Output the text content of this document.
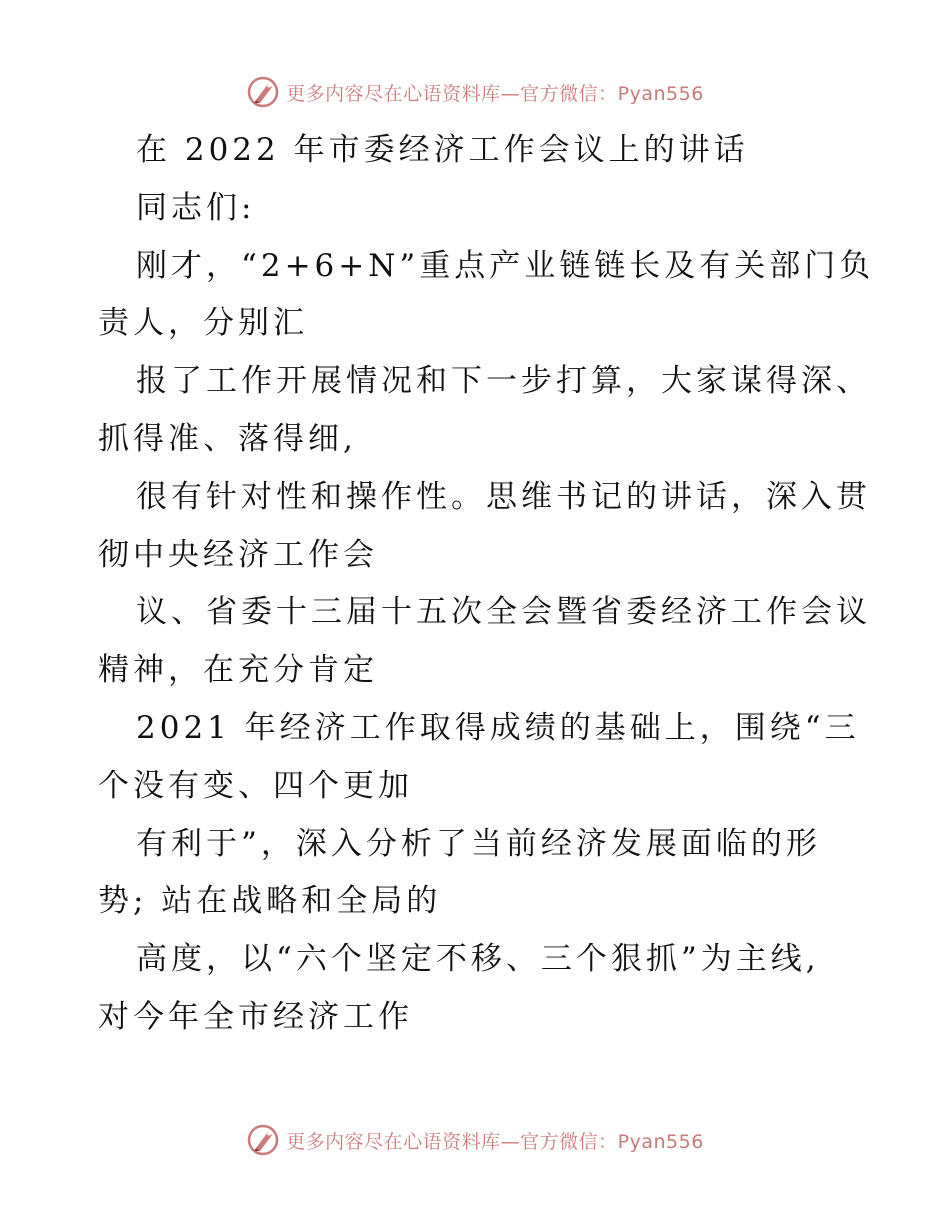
更多内容尽在心语资料库—官方微信：Pyan556
在 2022 年市委经济工作会议上的讲话
同志们:
刚才，“2+6+N”重点产业链链长及有关部门负
责人，分别汇
报了工作开展情况和下一步打算，大家谋得深、
抓得准、落得细,
很有针对性和操作性。思维书记的讲话，深入贯
彻中央经济工作会
议、省委十三届十五次全会暨省委经济工作会议
精神，在充分肯定
2021 年经济工作取得成绩的基础上，围绕“三
个没有变、四个更加
有利于”，深入分析了当前经济发展面临的形
势; 站在战略和全局的
高度，以“六个坚定不移、三个狠抓”为主线,
对今年全市经济工作
更多内容尽在心语资料库—官方微信：Pyan556
